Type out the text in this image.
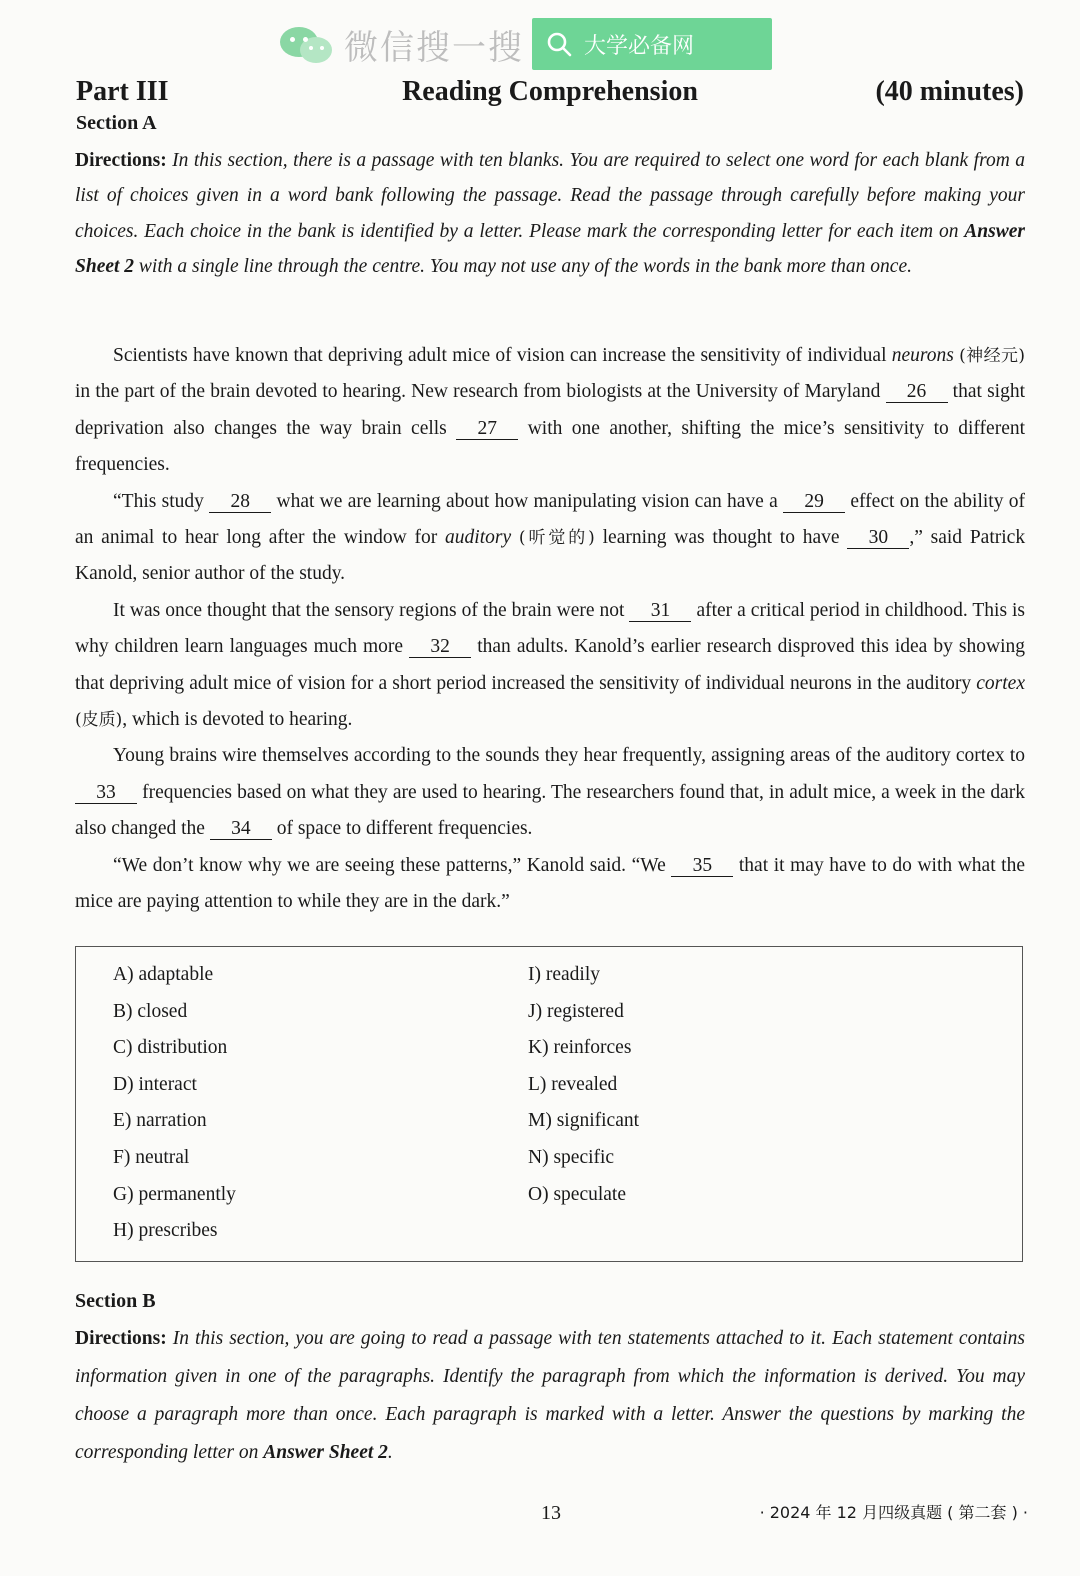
微信搜一搜	大学必备网
Reading Comprehension
Part III	(40 minutes)
Section A
Directions: In this section, there is a passage with ten blanks. You are required to select one word for each blank from a list of choices given in a word bank following the passage. Read the passage through carefully before making your choices. Each choice in the bank is identified by a letter. Please mark the corresponding letter for each item on Answer Sheet 2 with a single line through the centre. You may not use any of the words in the bank more than once.

Scientists have known that depriving adult mice of vision can increase the sensitivity of individual neurons (神经元) in the part of the brain devoted to hearing. New research from biologists at the University of Maryland 26 that sight deprivation also changes the way brain cells 27 with one another, shifting the mice’s sensitivity to different frequencies.

“This study 28 what we are learning about how manipulating vision can have a 29 effect on the ability of an animal to hear long after the window for auditory (听觉的) learning was thought to have 30 ,” said Patrick Kanold, senior author of the study.

It was once thought that the sensory regions of the brain were not 31 after a critical period in childhood. This is why children learn languages much more 32 than adults. Kanold’s earlier research disproved this idea by showing that depriving adult mice of vision for a short period increased the sensitivity of individual neurons in the auditory cortex (皮质), which is devoted to hearing.

Young brains wire themselves according to the sounds they hear frequently, assigning areas of the auditory cortex to 33 frequencies based on what they are used to hearing. The researchers found that, in adult mice, a week in the dark also changed the 34 of space to different frequencies.

“We don’t know why we are seeing these patterns,” Kanold said. “We 35 that it may have to do with what the mice are paying attention to while they are in the dark.”

A) adaptable
B) closed
C) distribution
D) interact
E) narration
F) neutral
G) permanently
H) prescribes
I) readily
J) registered
K) reinforces
L) revealed
M) significant
N) specific
O) speculate
Section B
Directions: In this section, you are going to read a passage with ten statements attached to it. Each statement contains information given in one of the paragraphs. Identify the paragraph from which the information is derived. You may choose a paragraph more than once. Each paragraph is marked with a letter. Answer the questions by marking the corresponding letter on Answer Sheet 2.
13	· 2024 年 12 月四级真题 ( 第二套 ) ·
